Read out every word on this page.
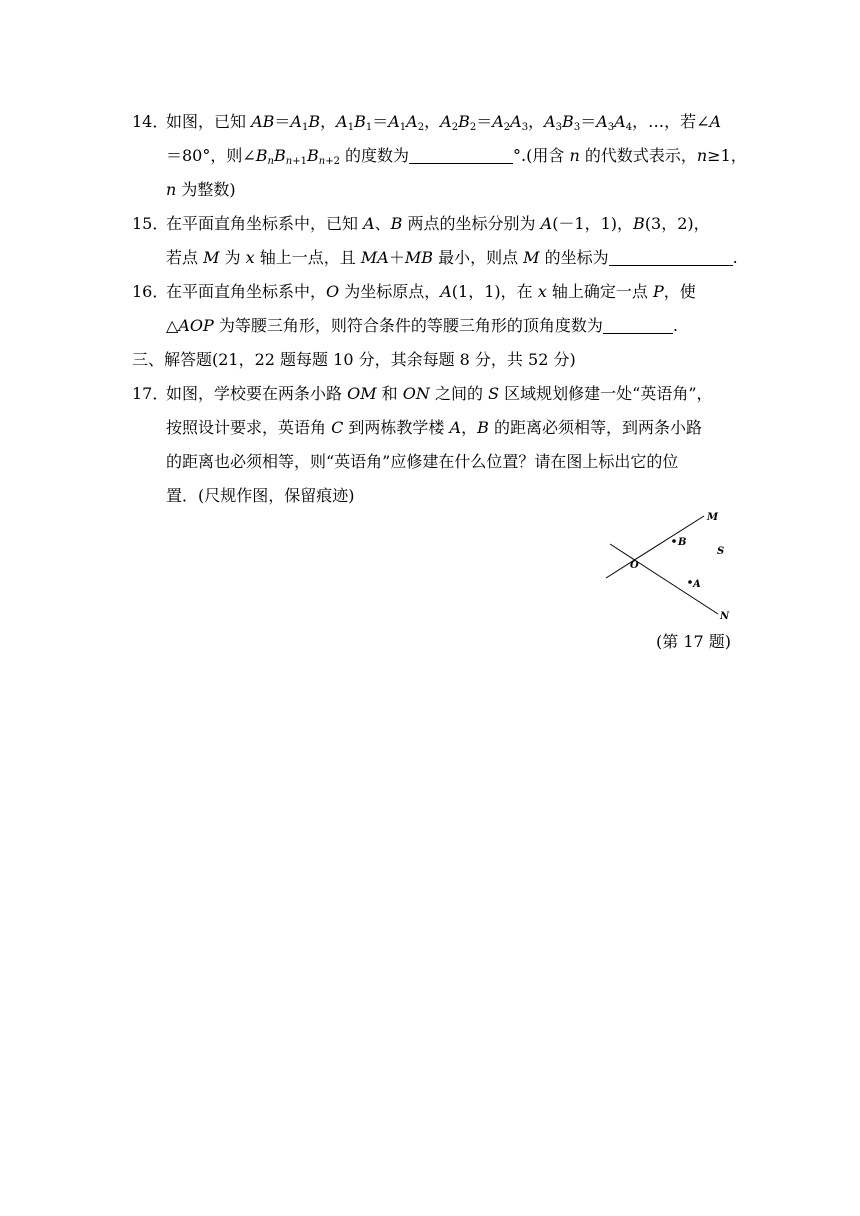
14．如图，已知 $AB=A_1B$，$A_1B_1=A_1A_2$，$A_2B_2=A_2A_3$，$A_3B_3=A_3A_4$，…，若∠A
＝80°，则$\angle B_nB_{n+1}B_{n+2}$ 的度数为	°.(用含 n 的代数式表示，n≥1，
n 为整数)
15．在平面直角坐标系中，已知 A、B 两点的坐标分别为 A(－1，1)，B(3，2)，
若点 M 为 x 轴上一点，且 MA＋MB 最小，则点 M 的坐标为	.
16．在平面直角坐标系中，O 为坐标原点，A(1，1)，在 x 轴上确定一点 P，使
△AOP 为等腰三角形，则符合条件的等腰三角形的顶角度数为	.
三、解答题(21，22 题每题 10 分，其余每题 8 分，共 52 分)
17．如图，学校要在两条小路 OM 和 ON 之间的 S 区域规划修建一处“英语角”，
按照设计要求，英语角 C 到两栋教学楼 A，B 的距离必须相等，到两条小路
的距离也必须相等，则“英语角”应修建在什么位置？请在图上标出它的位
置．(尺规作图，保留痕迹)
M
N
O
S
B
A
(第 17 题)
